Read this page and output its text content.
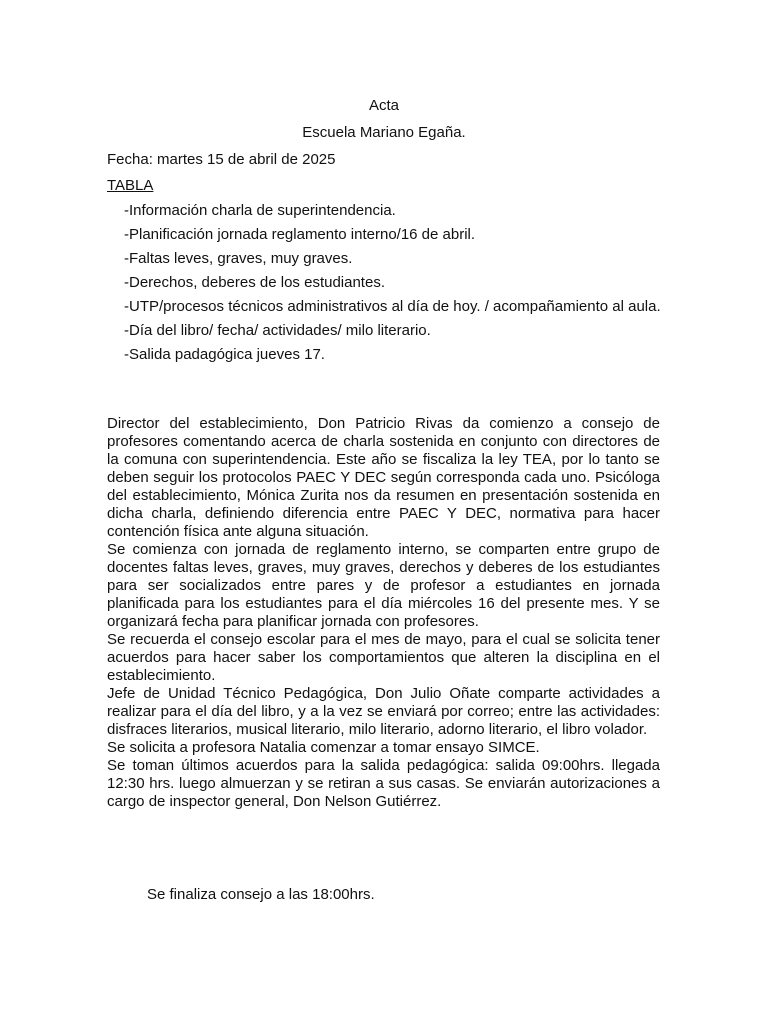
Acta
Escuela Mariano Egaña.
Fecha: martes 15 de abril de 2025
TABLA
-Información charla de superintendencia.
-Planificación jornada reglamento interno/16 de abril.
-Faltas leves, graves, muy graves.
-Derechos, deberes de los estudiantes.
-UTP/procesos técnicos administrativos al día de hoy. / acompañamiento al aula.
-Día del libro/ fecha/ actividades/ milo literario.
-Salida padagógica jueves 17.

Director del establecimiento, Don Patricio Rivas da comienzo a consejo de profesores comentando acerca de charla sostenida en conjunto con directores de la comuna con superintendencia. Este año se fiscaliza la ley TEA, por lo tanto se deben seguir los protocolos PAEC Y DEC según corresponda cada uno. Psicóloga del establecimiento, Mónica Zurita nos da resumen en presentación sostenida en dicha charla, definiendo diferencia entre PAEC Y DEC, normativa para hacer contención física ante alguna situación.

Se comienza con jornada de reglamento interno, se comparten entre grupo de docentes faltas leves, graves, muy graves, derechos y deberes de los estudiantes para ser socializados entre pares y de profesor a estudiantes en jornada planificada para los estudiantes para el día miércoles 16 del presente mes. Y se organizará fecha para planificar jornada con profesores.

Se recuerda el consejo escolar para el mes de mayo, para el cual se solicita tener acuerdos para hacer saber los comportamientos que alteren la disciplina en el establecimiento.

Jefe de Unidad Técnico Pedagógica, Don Julio Oñate comparte actividades a realizar para el día del libro, y a la vez se enviará por correo; entre las actividades: disfraces literarios, musical literario, milo literario, adorno literario, el libro volador.

Se solicita a profesora Natalia comenzar a tomar ensayo SIMCE.

Se toman últimos acuerdos para la salida pedagógica: salida 09:00hrs. llegada 12:30 hrs. luego almuerzan y se retiran a sus casas. Se enviarán autorizaciones a cargo de inspector general, Don Nelson Gutiérrez.

Se finaliza consejo a las 18:00hrs.
